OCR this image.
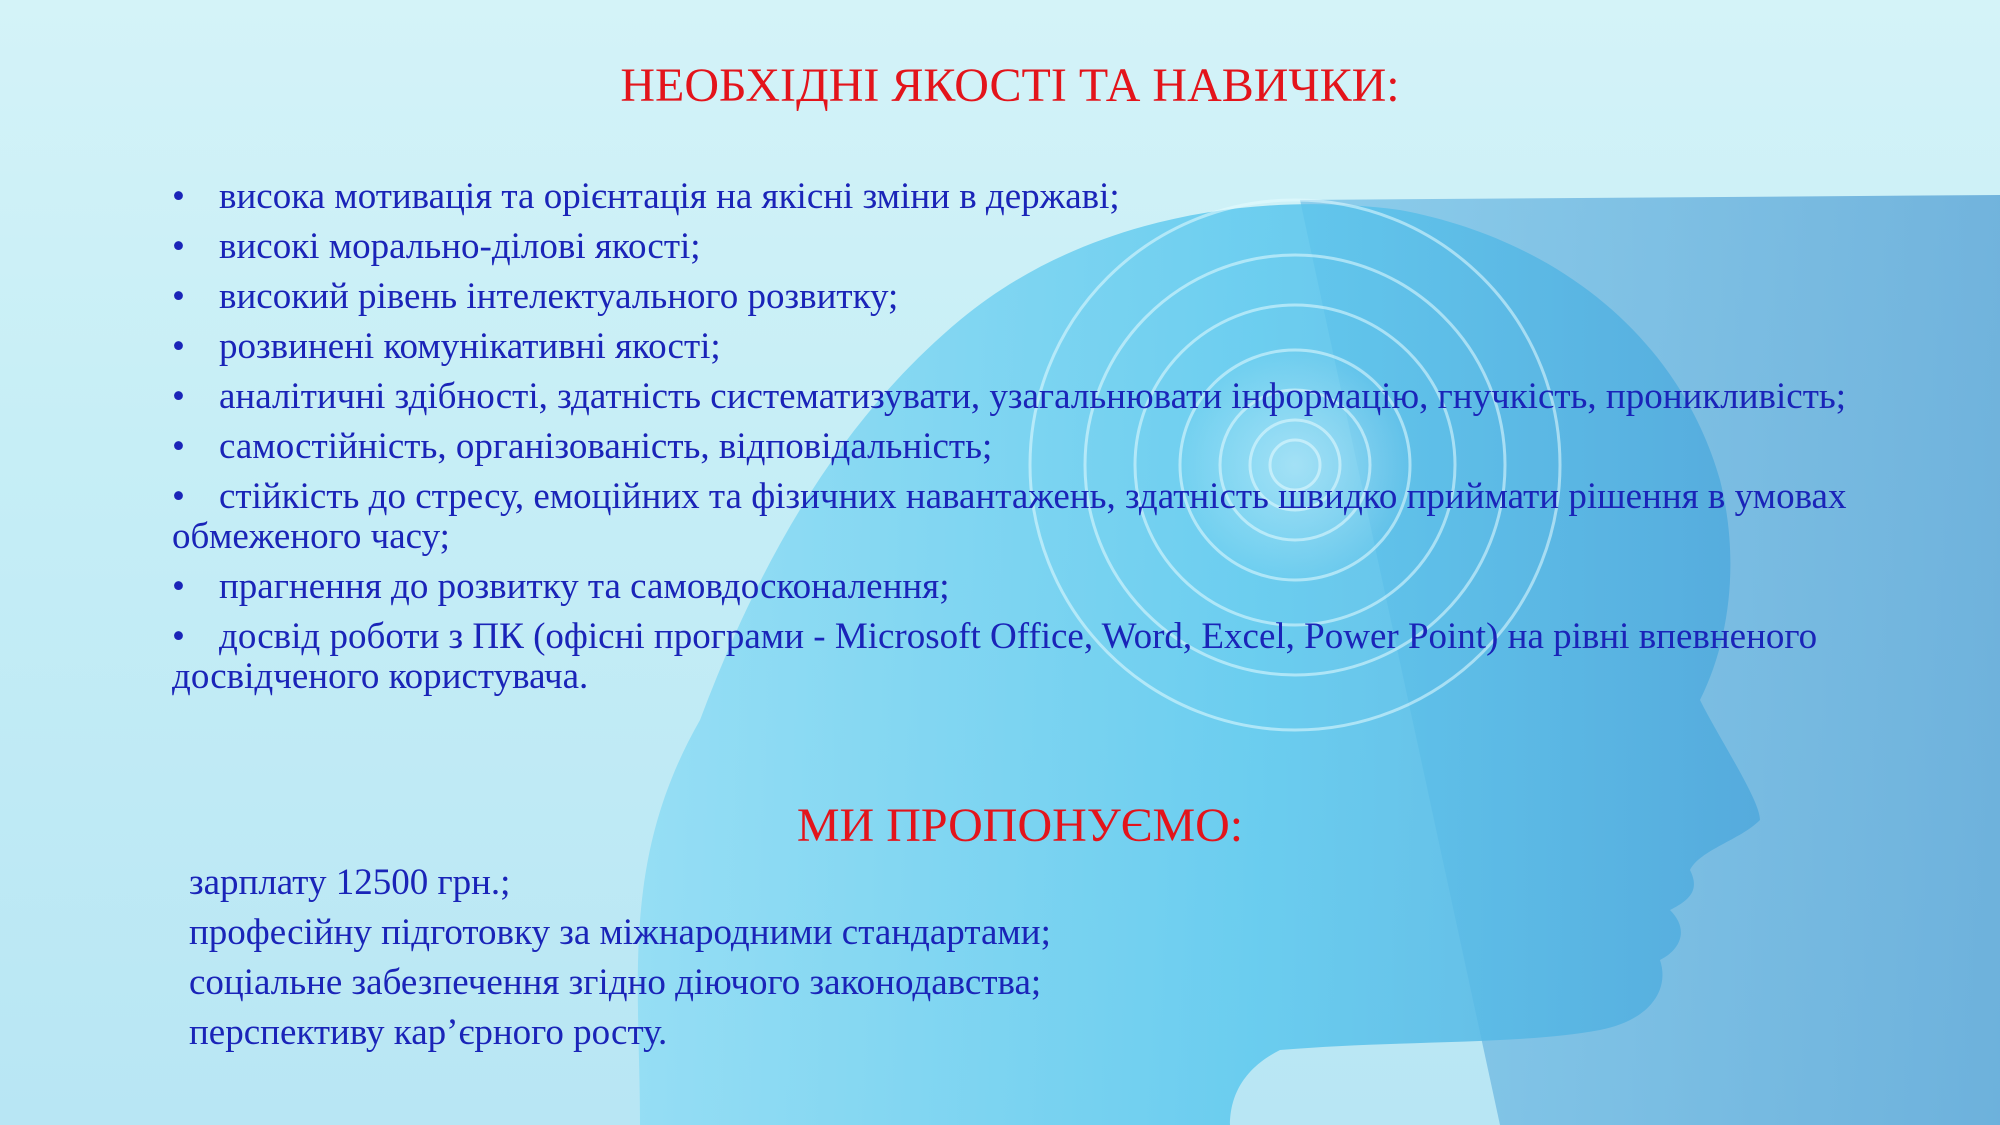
НЕОБХІДНІ ЯКОСТІ ТА НАВИЧКИ:
• висока мотивація та орієнтація на якісні зміни в державі;
• високі морально-ділові якості;
• високий рівень інтелектуального розвитку;
• розвинені комунікативні якості;
• аналітичні здібності, здатність систематизувати, узагальнювати інформацію, гнучкість, проникливість;
• самостійність, організованість, відповідальність;
• стійкість до стресу, емоційних та фізичних навантажень, здатність швидко приймати рішення в умовах обмеженого часу;
• прагнення до розвитку та самовдосконалення;
• досвід роботи з ПК (офісні програми - Microsoft Office, Word, Excel, Power Point) на рівні впевненого досвідченого користувача.
МИ ПРОПОНУЄМО:
зарплату 12500 грн.;
професійну підготовку за міжнародними стандартами;
соціальне забезпечення згідно діючого законодавства;
перспективу кар’єрного росту.
